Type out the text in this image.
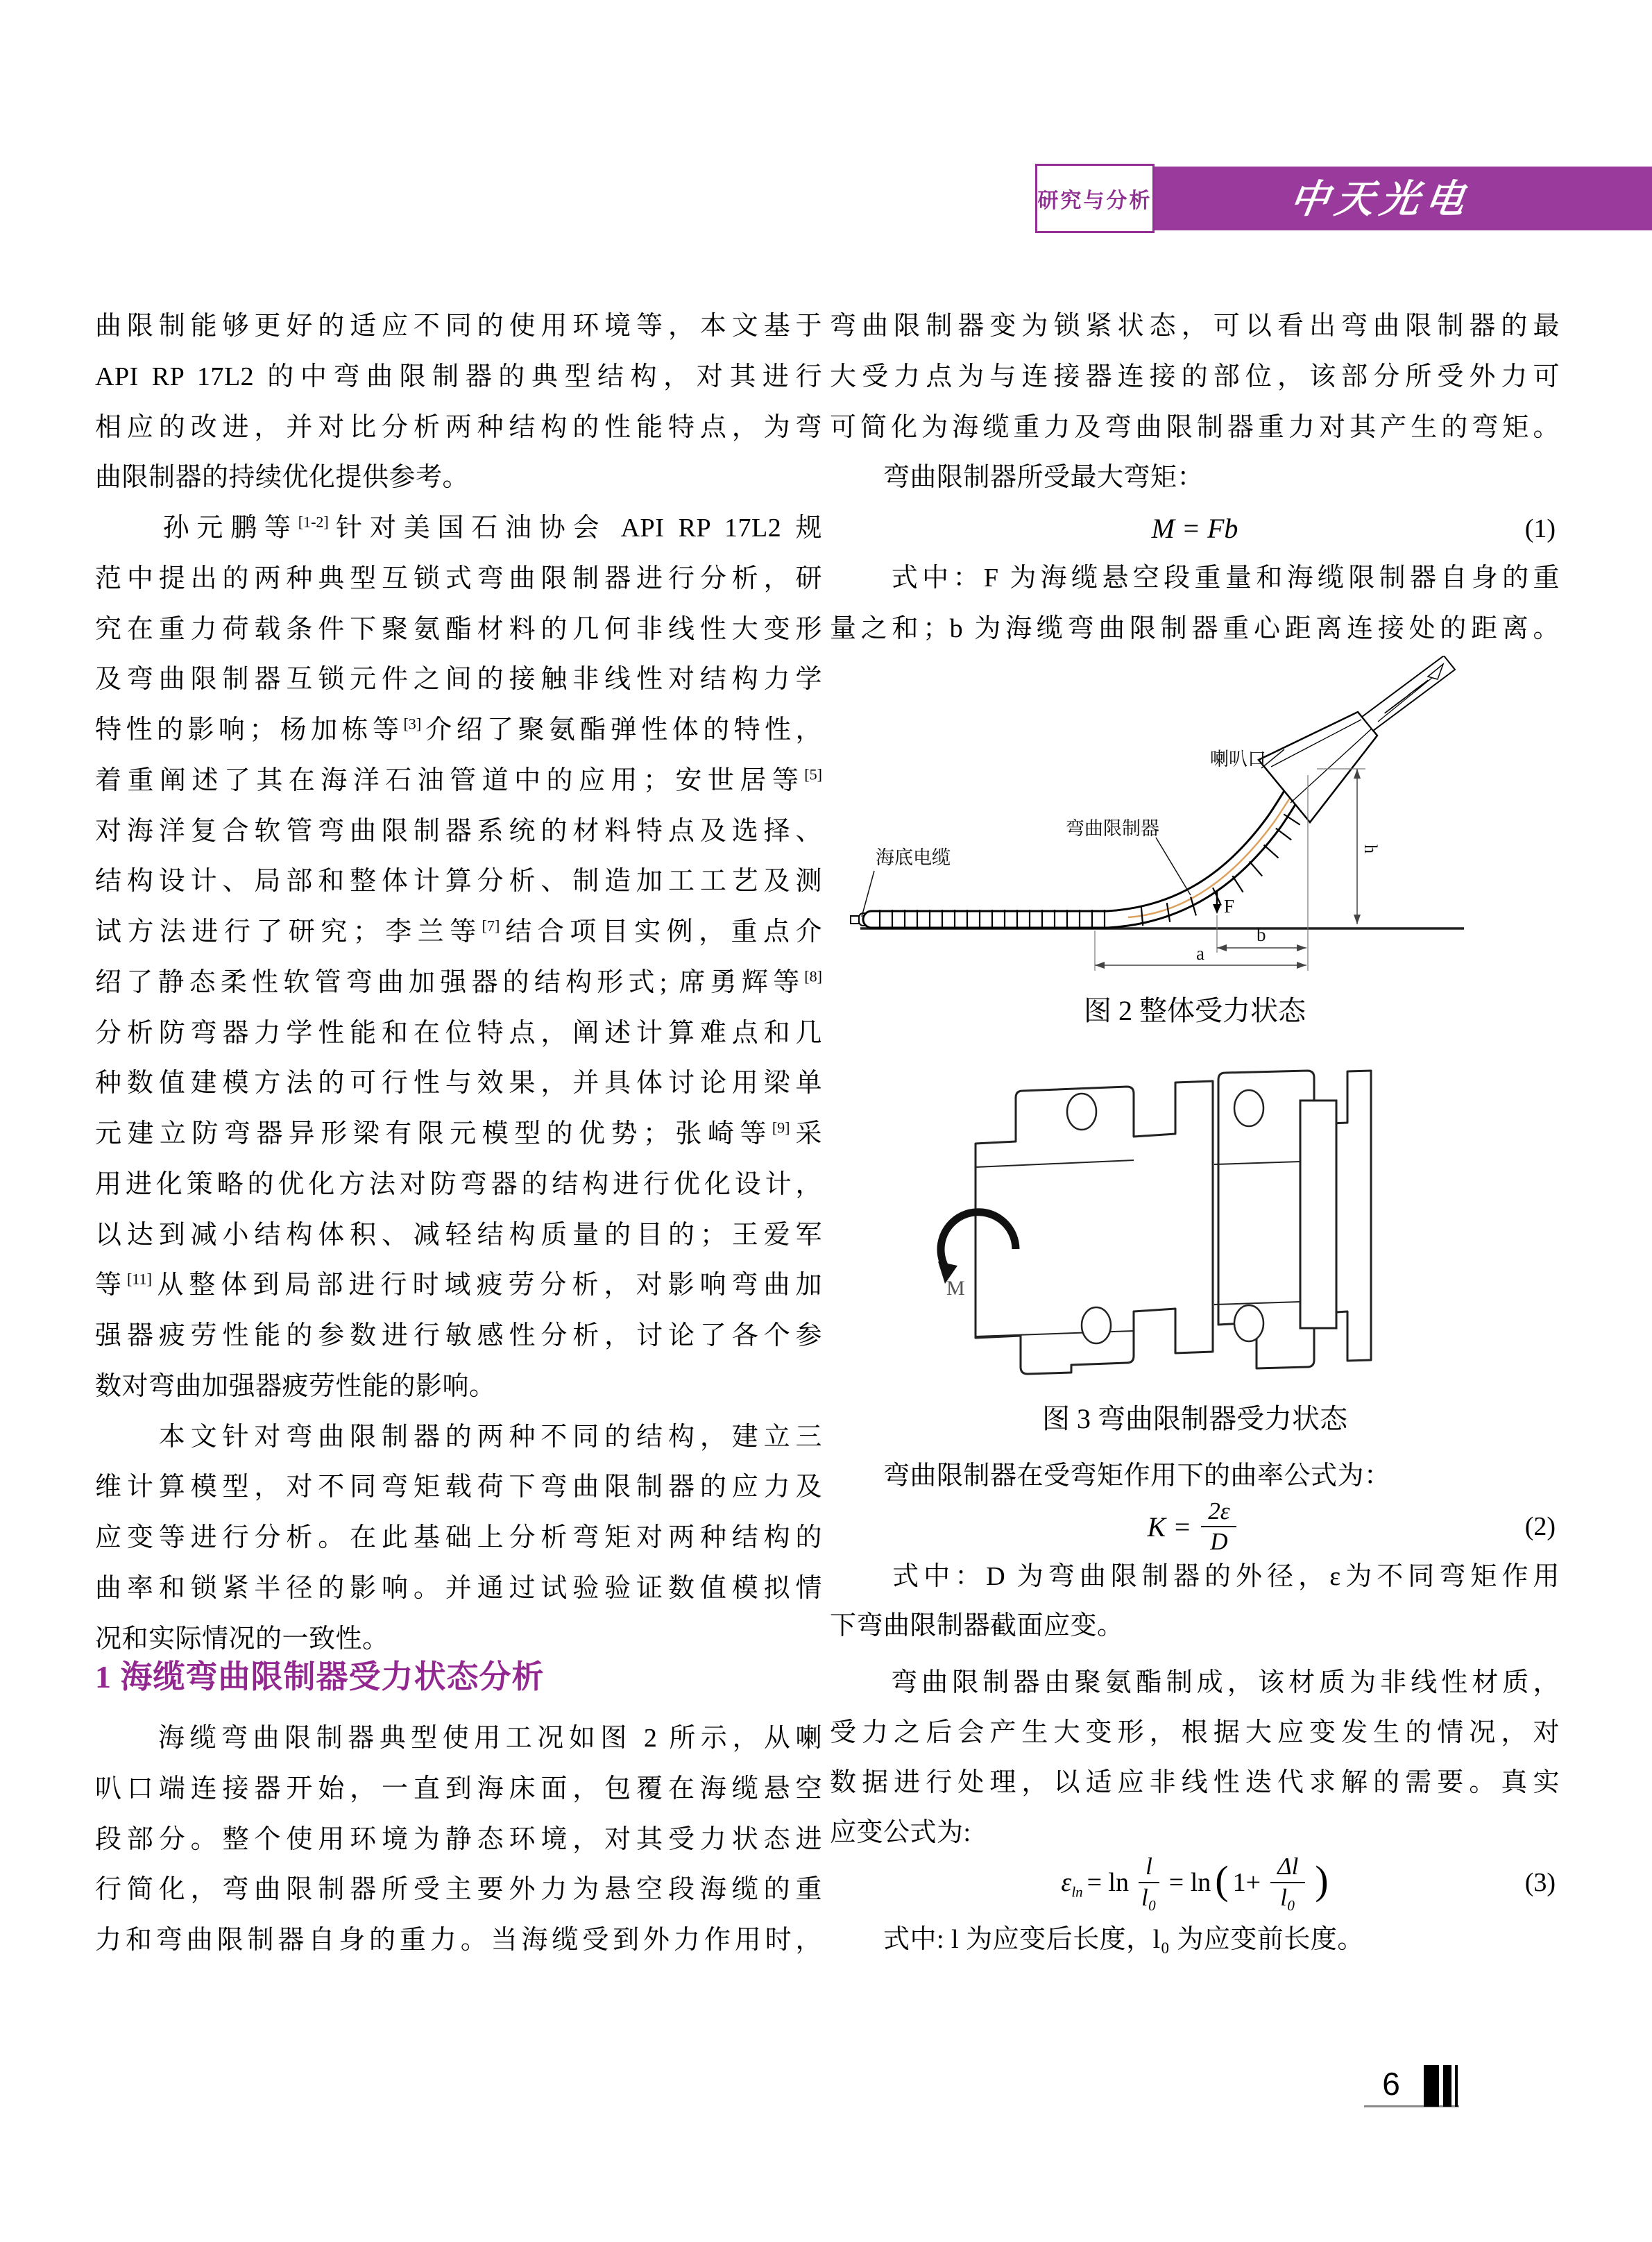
中天光电
研究与分析
曲限制能够更好的适应不同的使用环境等，本文基于
API RP 17L2 的中弯曲限制器的典型结构，对其进行
相应的改进，并对比分析两种结构的性能特点，为弯
曲限制器的持续优化提供参考。
　　孙元鹏等[1-2]针对美国石油协会 API RP 17L2 规
范中提出的两种典型互锁式弯曲限制器进行分析，研
究在重力荷载条件下聚氨酯材料的几何非线性大变形
及弯曲限制器互锁元件之间的接触非线性对结构力学
特性的影响；杨加栋等[3]介绍了聚氨酯弹性体的特性，
着重阐述了其在海洋石油管道中的应用；安世居等[5]
对海洋复合软管弯曲限制器系统的材料特点及选择、
结构设计、局部和整体计算分析、制造加工工艺及测
试方法进行了研究；李兰等[7]结合项目实例，重点介
绍了静态柔性软管弯曲加强器的结构形式; 席勇辉等[8]
分析防弯器力学性能和在位特点，阐述计算难点和几
种数值建模方法的可行性与效果，并具体讨论用梁单
元建立防弯器异形梁有限元模型的优势；张崎等[9]采
用进化策略的优化方法对防弯器的结构进行优化设计，
以达到减小结构体积、减轻结构质量的目的；王爱军
等[11]从整体到局部进行时域疲劳分析，对影响弯曲加
强器疲劳性能的参数进行敏感性分析，讨论了各个参
数对弯曲加强器疲劳性能的影响。
　　本文针对弯曲限制器的两种不同的结构，建立三
维计算模型，对不同弯矩载荷下弯曲限制器的应力及
应变等进行分析。在此基础上分析弯矩对两种结构的
曲率和锁紧半径的影响。并通过试验验证数值模拟情
况和实际情况的一致性。
1 海缆弯曲限制器受力状态分析
　　海缆弯曲限制器典型使用工况如图 2 所示，从喇
叭口端连接器开始，一直到海床面，包覆在海缆悬空
段部分。整个使用环境为静态环境，对其受力状态进
行简化，弯曲限制器所受主要外力为悬空段海缆的重
力和弯曲限制器自身的重力。当海缆受到外力作用时，
弯曲限制器变为锁紧状态，可以看出弯曲限制器的最
大受力点为与连接器连接的部位，该部分所受外力可
可简化为海缆重力及弯曲限制器重力对其产生的弯矩。
　　弯曲限制器所受最大弯矩：
M = Fb	(1)
　　式中：F 为海缆悬空段重量和海缆限制器自身的重
量之和；b 为海缆弯曲限制器重心距离连接处的距离。
海底电缆
弯曲限制器
喇叭口
F
b
a
h
图 2 整体受力状态
M
图 3 弯曲限制器受力状态
　　弯曲限制器在受弯矩作用下的曲率公式为：
$K = \frac{2\varepsilon}{D}$	(2)
　　式中：D 为弯曲限制器的外径，ε为不同弯矩作用
下弯曲限制器截面应变。
　　弯曲限制器由聚氨酯制成，该材质为非线性材质，
受力之后会产生大变形，根据大应变发生的情况，对
数据进行处理，以适应非线性迭代求解的需要。真实
应变公式为:
$\varepsilon_{ln} = \ln \frac{l}{\text{l₀}} = \ln$ ( $1+ \frac{\Delta l}{\text{l₀}}$ )	(3)
　　式中: l 为应变后长度，l₀ 为应变前长度。
6
